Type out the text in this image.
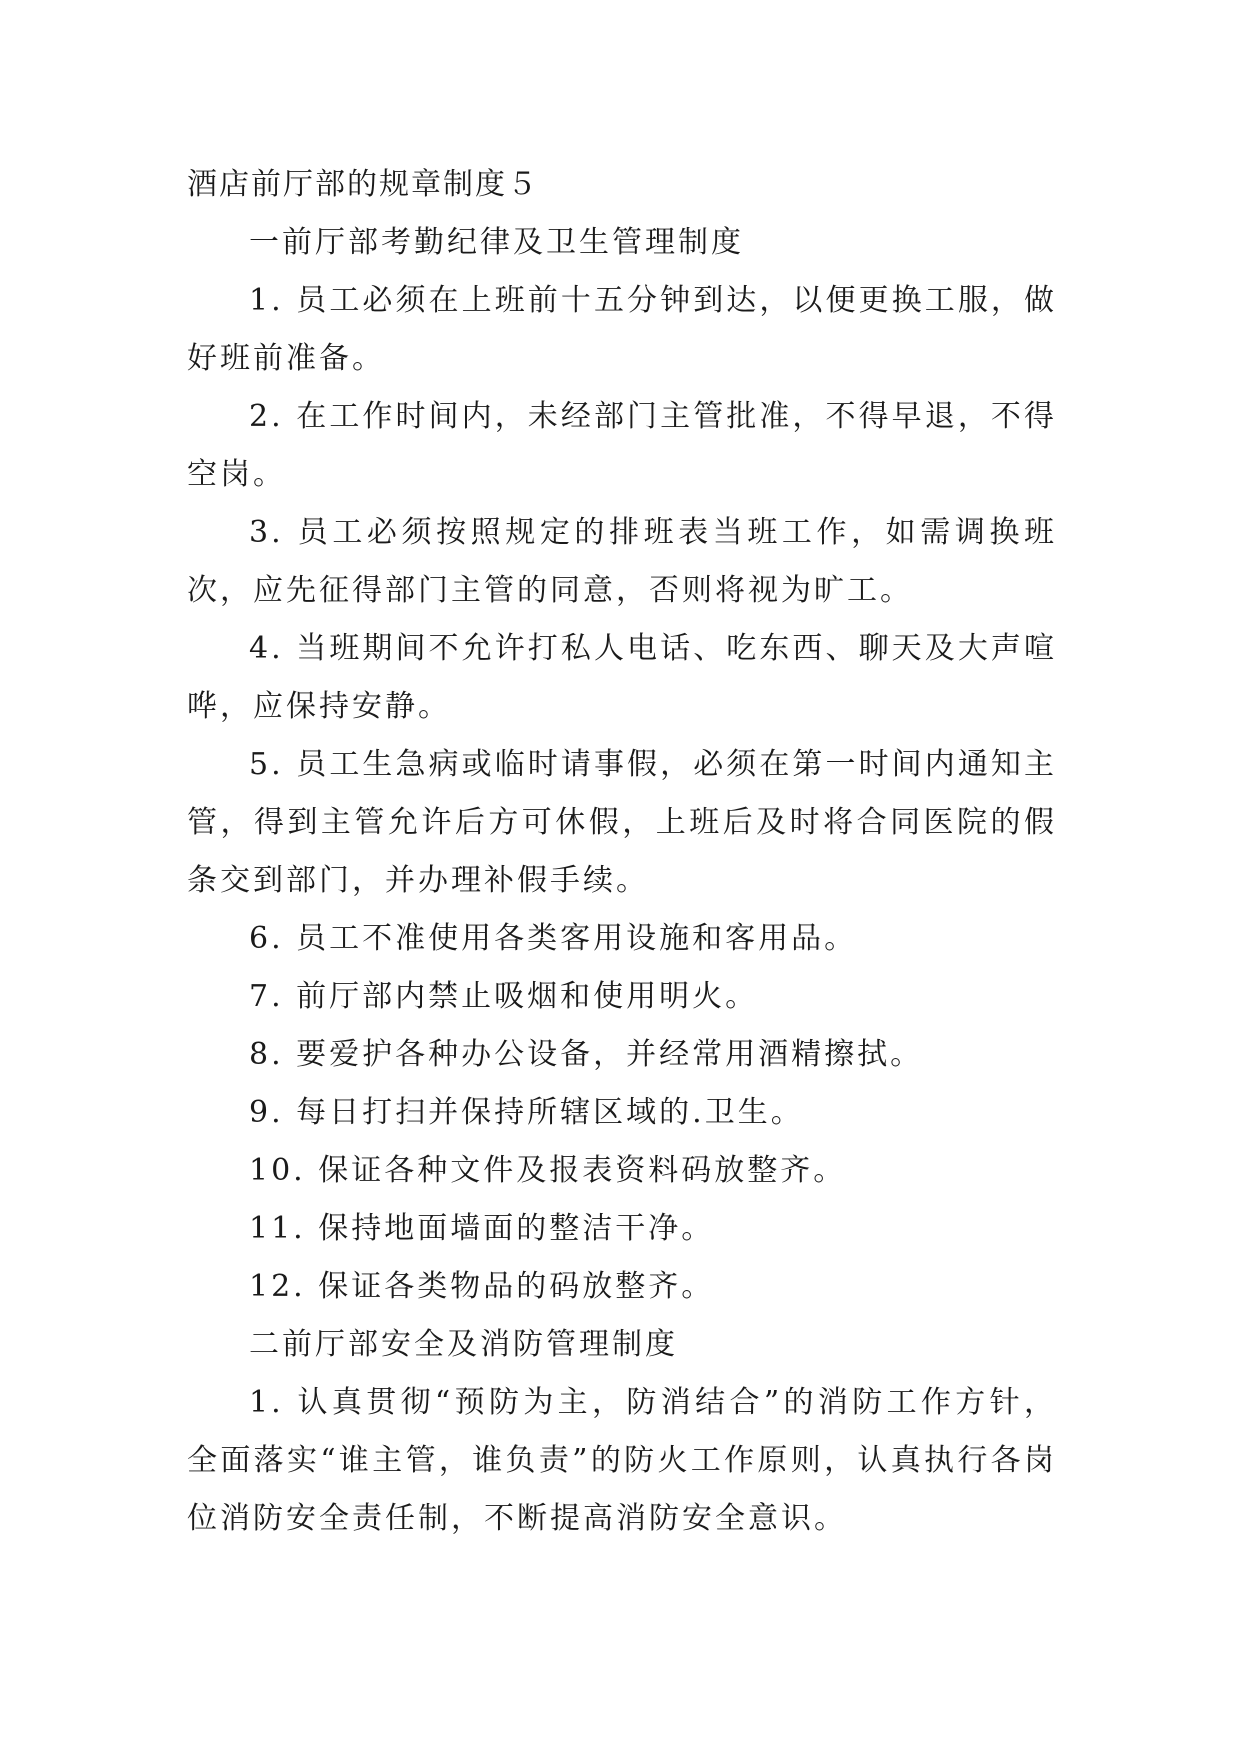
酒店前厅部的规章制度５

一前厅部考勤纪律及卫生管理制度

1. 员工必须在上班前十五分钟到达，以便更换工服，做好班前准备。

2. 在工作时间内，未经部门主管批准，不得早退，不得空岗。

3. 员工必须按照规定的排班表当班工作，如需调换班次，应先征得部门主管的同意，否则将视为旷工。

4. 当班期间不允许打私人电话、吃东西、聊天及大声喧哗，应保持安静。

5. 员工生急病或临时请事假，必须在第一时间内通知主管，得到主管允许后方可休假，上班后及时将合同医院的假条交到部门，并办理补假手续。

6. 员工不准使用各类客用设施和客用品。

7. 前厅部内禁止吸烟和使用明火。

8. 要爱护各种办公设备，并经常用酒精擦拭。

9. 每日打扫并保持所辖区域的.卫生。

10. 保证各种文件及报表资料码放整齐。

11. 保持地面墙面的整洁干净。

12. 保证各类物品的码放整齐。

二前厅部安全及消防管理制度

1. 认真贯彻“预防为主，防消结合”的消防工作方针，全面落实“谁主管，谁负责”的防火工作原则，认真执行各岗位消防安全责任制，不断提高消防安全意识。
